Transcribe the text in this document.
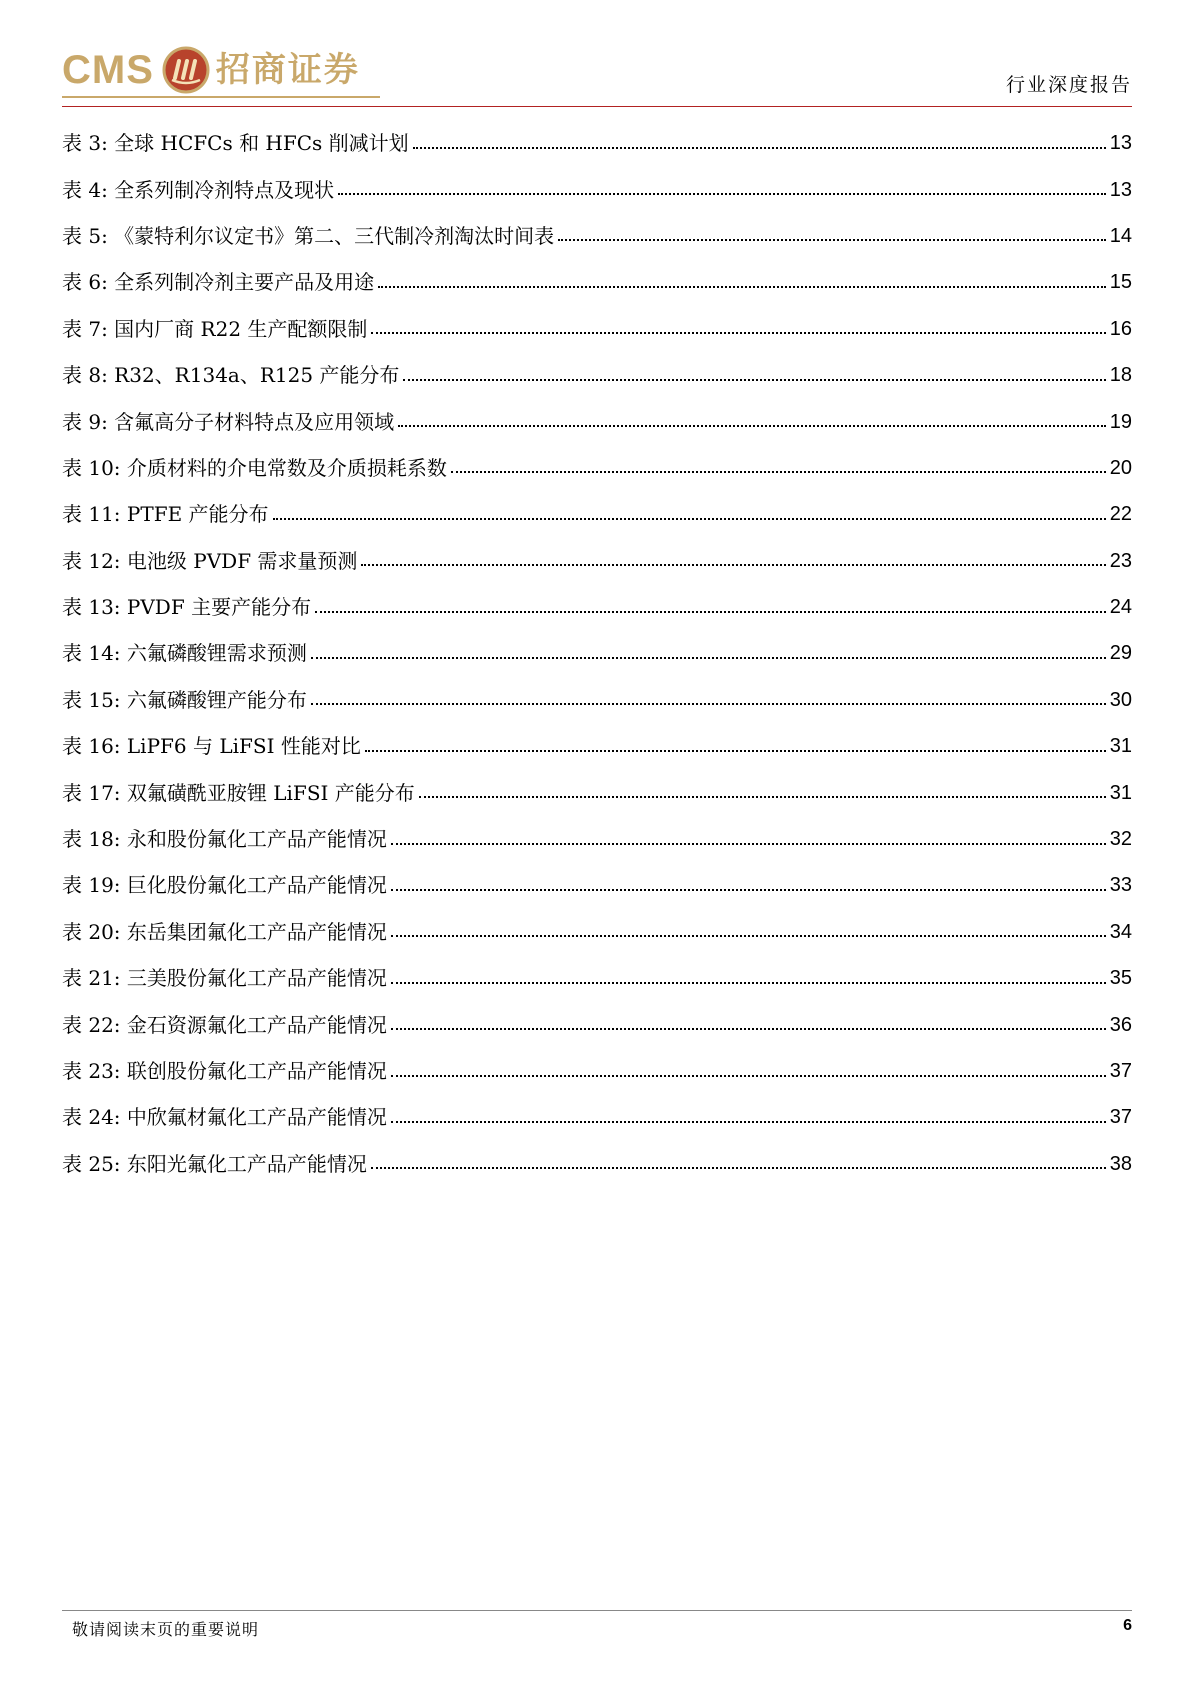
CMS 招商证券	行业深度报告
表 3: 全球 HCFCs 和 HFCs 削减计划	13
表 4: 全系列制冷剂特点及现状	13
表 5: 《蒙特利尔议定书》第二、三代制冷剂淘汰时间表	14
表 6: 全系列制冷剂主要产品及用途	15
表 7: 国内厂商 R22 生产配额限制	16
表 8: R32、R134a、R125 产能分布	18
表 9: 含氟高分子材料特点及应用领域	19
表 10: 介质材料的介电常数及介质损耗系数	20
表 11: PTFE 产能分布	22
表 12: 电池级 PVDF 需求量预测	23
表 13: PVDF 主要产能分布	24
表 14: 六氟磷酸锂需求预测	29
表 15: 六氟磷酸锂产能分布	30
表 16: LiPF6 与 LiFSI 性能对比	31
表 17: 双氟磺酰亚胺锂 LiFSI 产能分布	31
表 18: 永和股份氟化工产品产能情况	32
表 19: 巨化股份氟化工产品产能情况	33
表 20: 东岳集团氟化工产品产能情况	34
表 21: 三美股份氟化工产品产能情况	35
表 22: 金石资源氟化工产品产能情况	36
表 23: 联创股份氟化工产品产能情况	37
表 24: 中欣氟材氟化工产品产能情况	37
表 25: 东阳光氟化工产品产能情况	38
敬请阅读末页的重要说明	6
